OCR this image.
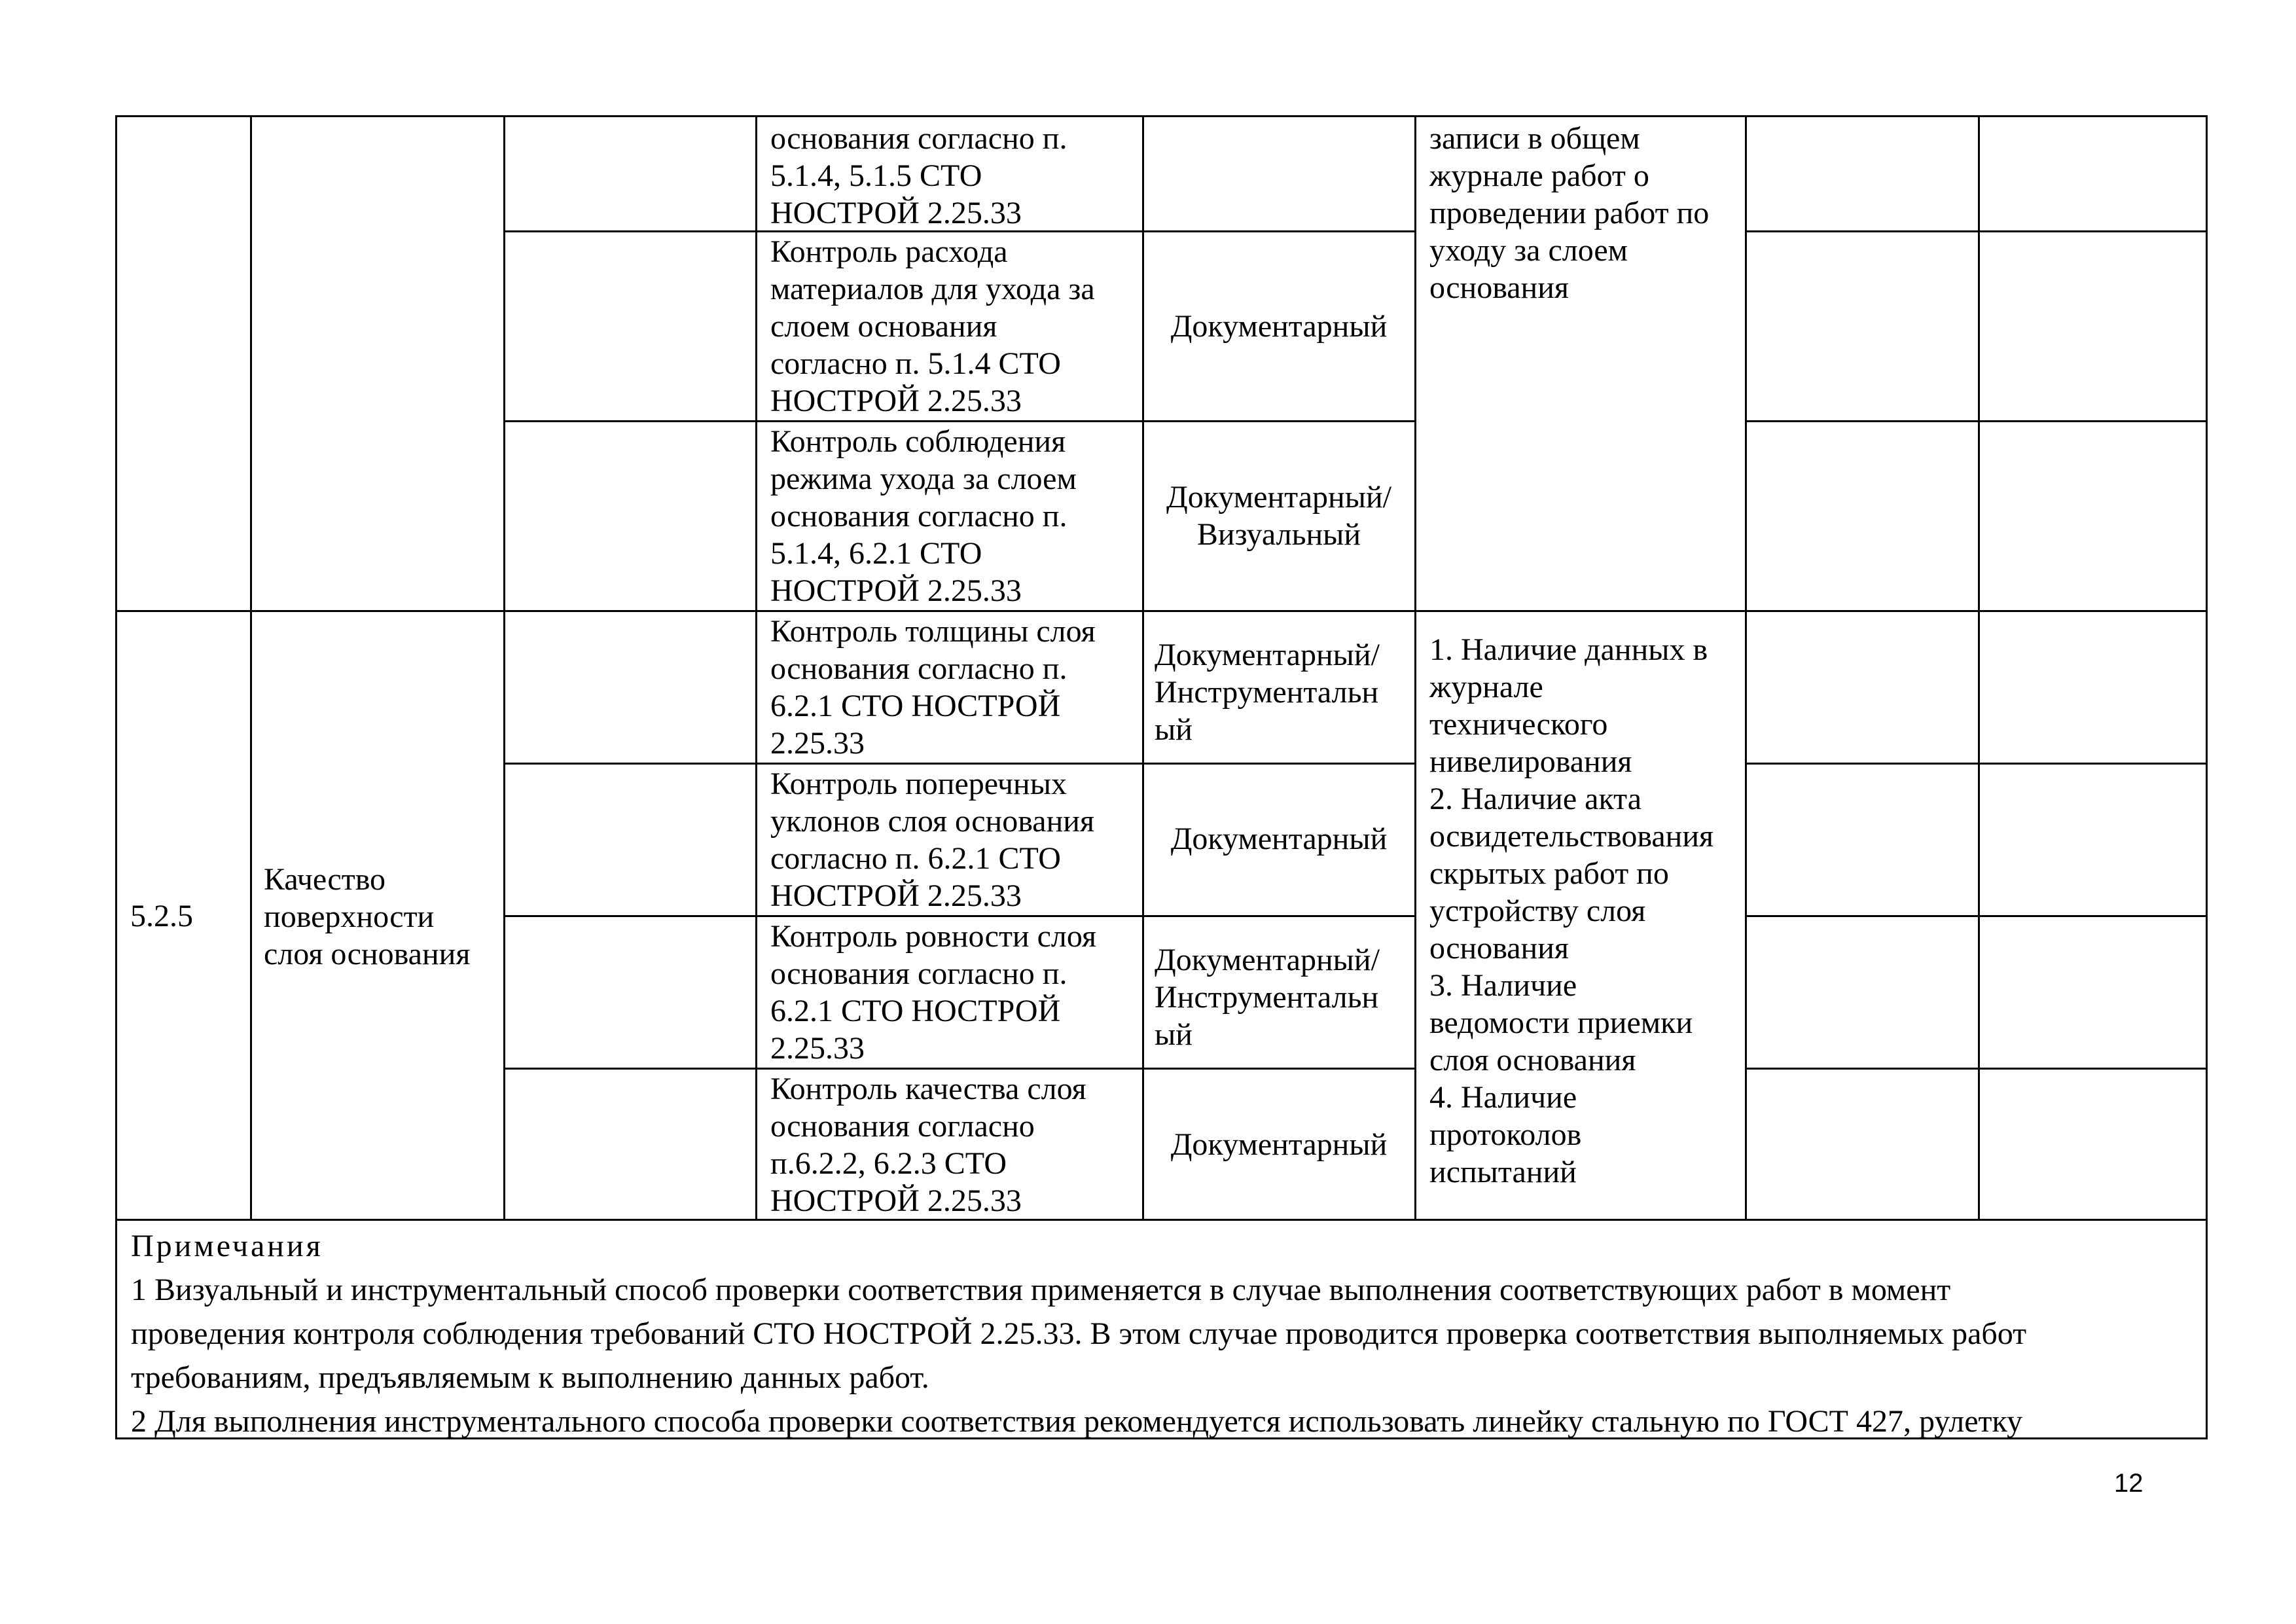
основания согласно п.
5.1.4, 5.1.5 СТО
НОСТРОЙ 2.25.33
Контроль расхода
материалов для ухода за
слоем основания
согласно п. 5.1.4 СТО
НОСТРОЙ 2.25.33
Документарный
Контроль соблюдения
режима ухода за слоем
основания согласно п.
5.1.4, 6.2.1 СТО
НОСТРОЙ 2.25.33
Документарный/
Визуальный
записи в общем
журнале работ о
проведении работ по
уходу за слоем
основания
5.2.5
Качество
поверхности
слоя основания
Контроль толщины слоя
основания согласно п.
6.2.1 СТО НОСТРОЙ
2.25.33
Документарный/
Инструментальн
ый
Контроль поперечных
уклонов слоя основания
согласно п. 6.2.1 СТО
НОСТРОЙ 2.25.33
Документарный
Контроль ровности слоя
основания согласно п.
6.2.1 СТО НОСТРОЙ
2.25.33
Документарный/
Инструментальн
ый
Контроль качества слоя
основания согласно
п.6.2.2, 6.2.3 СТО
НОСТРОЙ 2.25.33
Документарный
1. Наличие данных в
журнале
технического
нивелирования
2. Наличие акта
освидетельствования
скрытых работ по
устройству слоя
основания
3. Наличие
ведомости приемки
слоя основания
4. Наличие
протоколов
испытаний
Примечания
1 Визуальный и инструментальный способ проверки соответствия применяется в случае выполнения соответствующих работ в момент
проведения контроля соблюдения требований СТО НОСТРОЙ 2.25.33. В этом случае проводится проверка соответствия выполняемых работ
требованиям, предъявляемым к выполнению данных работ.
2 Для выполнения инструментального способа проверки соответствия рекомендуется использовать линейку стальную по ГОСТ 427, рулетку
12
